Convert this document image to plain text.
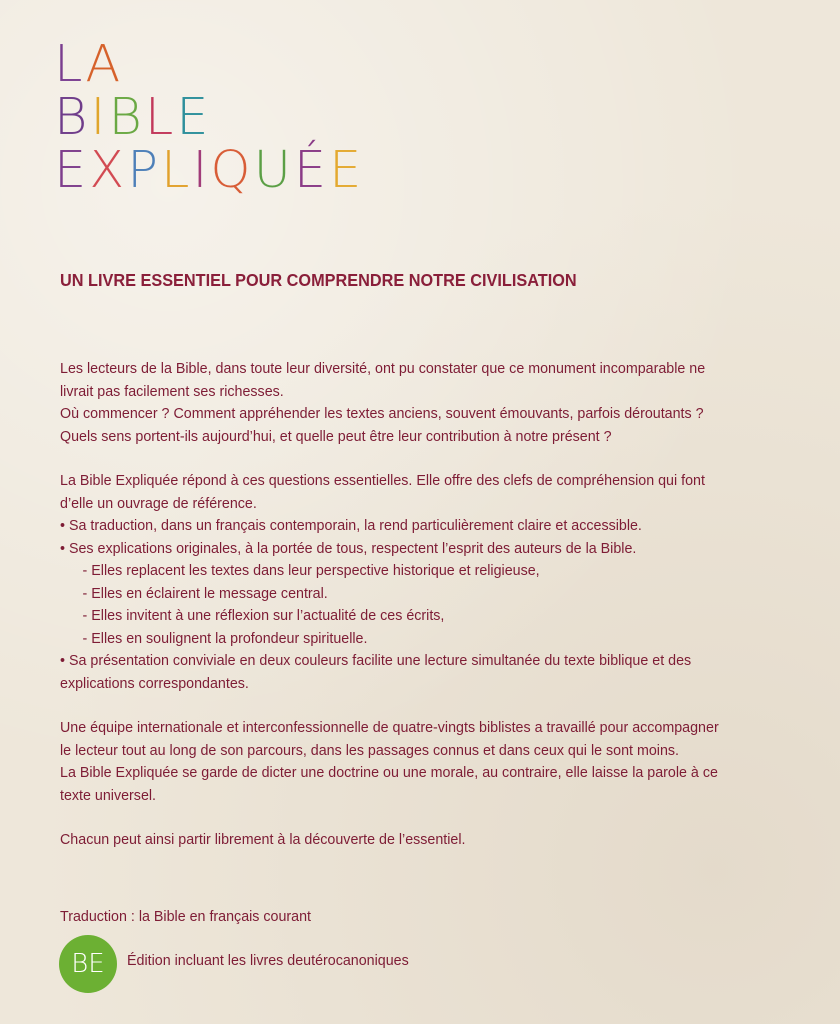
LA
BIBLE
EXPLIQUÉE
UN LIVRE ESSENTIEL POUR COMPRENDRE NOTRE CIVILISATION

Les lecteurs de la Bible, dans toute leur diversité, ont pu constater que ce monument incomparable ne

livrait pas facilement ses richesses.

Où commencer ? Comment appréhender les textes anciens, souvent émouvants, parfois déroutants ?

Quels sens portent-ils aujourd’hui, et quelle peut être leur contribution à notre présent ?

La Bible Expliquée répond à ces questions essentielles. Elle offre des clefs de compréhension qui font

d’elle un ouvrage de référence.

• Sa traduction, dans un français contemporain, la rend particulièrement claire et accessible.

• Ses explications originales, à la portée de tous, respectent l’esprit des auteurs de la Bible.

- Elles replacent les textes dans leur perspective historique et religieuse,

- Elles en éclairent le message central.

- Elles invitent à une réflexion sur l’actualité de ces écrits,

- Elles en soulignent la profondeur spirituelle.

• Sa présentation conviviale en deux couleurs facilite une lecture simultanée du texte biblique et des

explications correspondantes.

Une équipe internationale et interconfessionnelle de quatre-vingts biblistes a travaillé pour accompagner

le lecteur tout au long de son parcours, dans les passages connus et dans ceux qui le sont moins.

La Bible Expliquée se garde de dicter une doctrine ou une morale, au contraire, elle laisse la parole à ce

texte universel.

Chacun peut ainsi partir librement à la découverte de l’essentiel.

Traduction : la Bible en français courant
BE Édition incluant les livres deutérocanoniques
